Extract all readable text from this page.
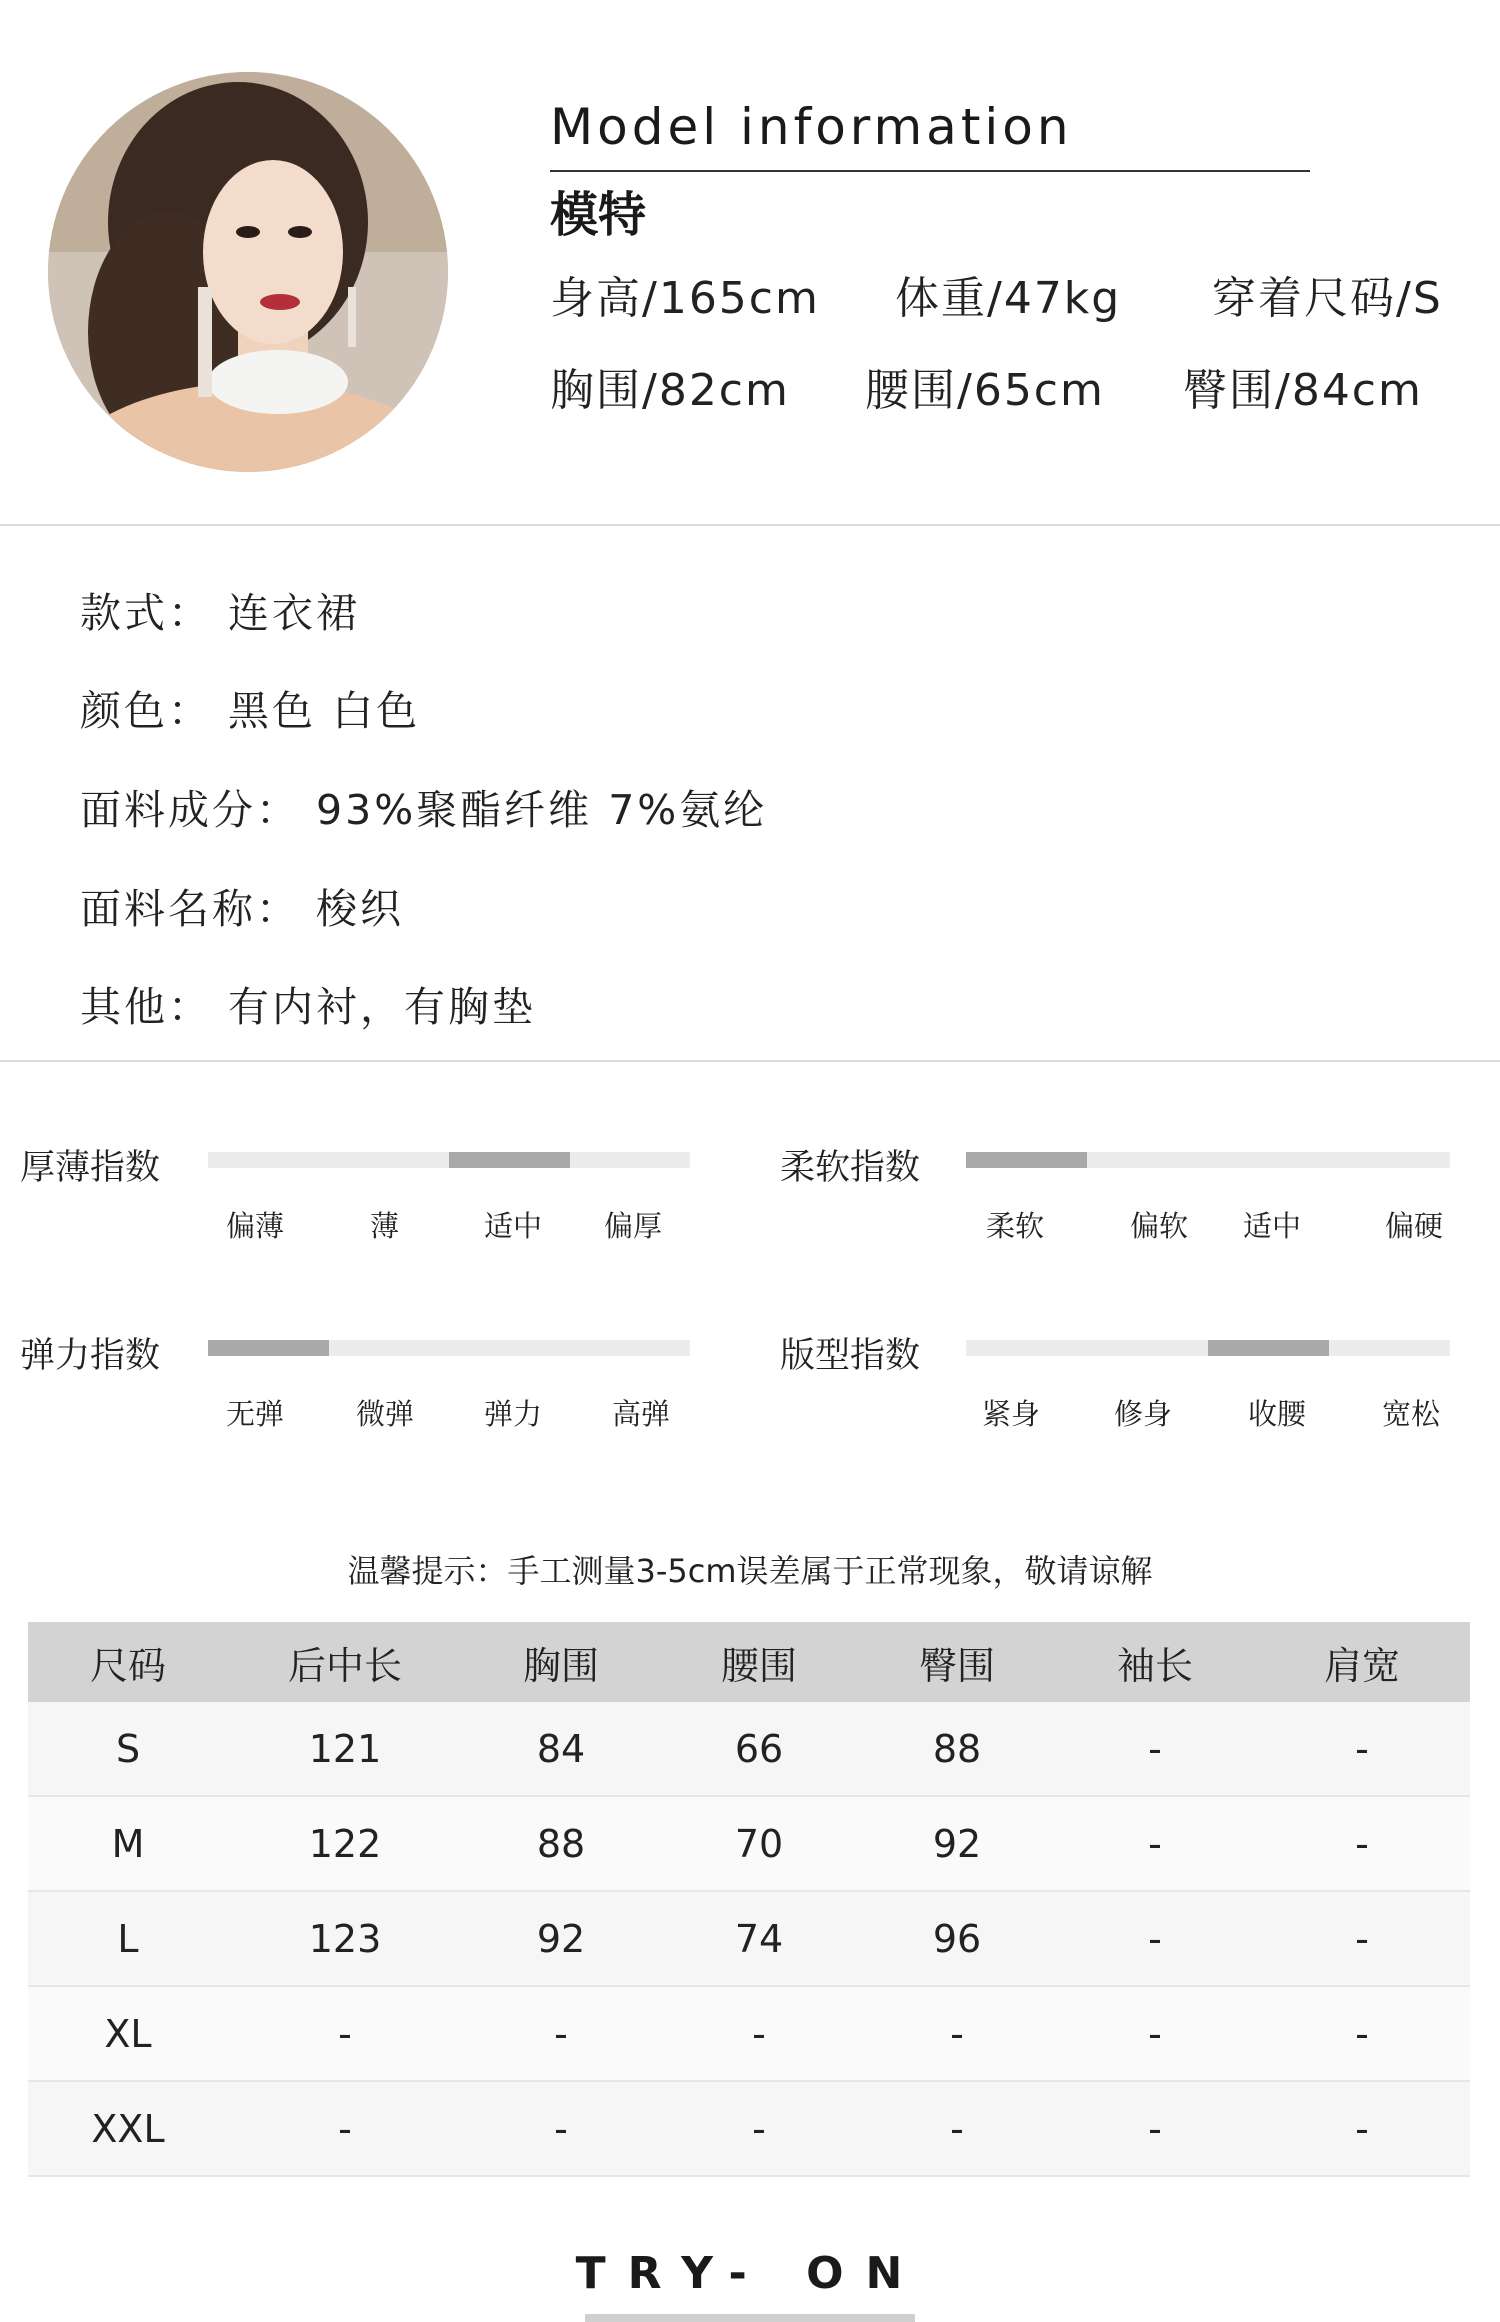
Model information
模特
身高/165cm 体重/47kg 穿着尺码/S
胸围/82cm 腰围/65cm 臀围/84cm
款式： 连衣裙
颜色： 黑色 白色
面料成分： 93%聚酯纤维 7%氨纶
面料名称： 梭织
其他： 有内衬，有胸垫
厚薄指数
偏薄	薄	适中 偏厚
柔软指数
柔软	偏软 适中	偏硬
弹力指数
无弹 微弹 弹力 高弹
版型指数
紧身	修身	收腰	宽松
温馨提示：手工测量3-5cm误差属于正常现象，敬请谅解
尺码	后中长	胸围	腰围	臀围	袖长	肩宽
S	121	84	66	88	-	-
M	122	88	70	92	-	-
L	123	92	74	96	-	-
XL	-	-	-	-	-	-
XXL	-	-	-	-	-	-
TRY- ON
